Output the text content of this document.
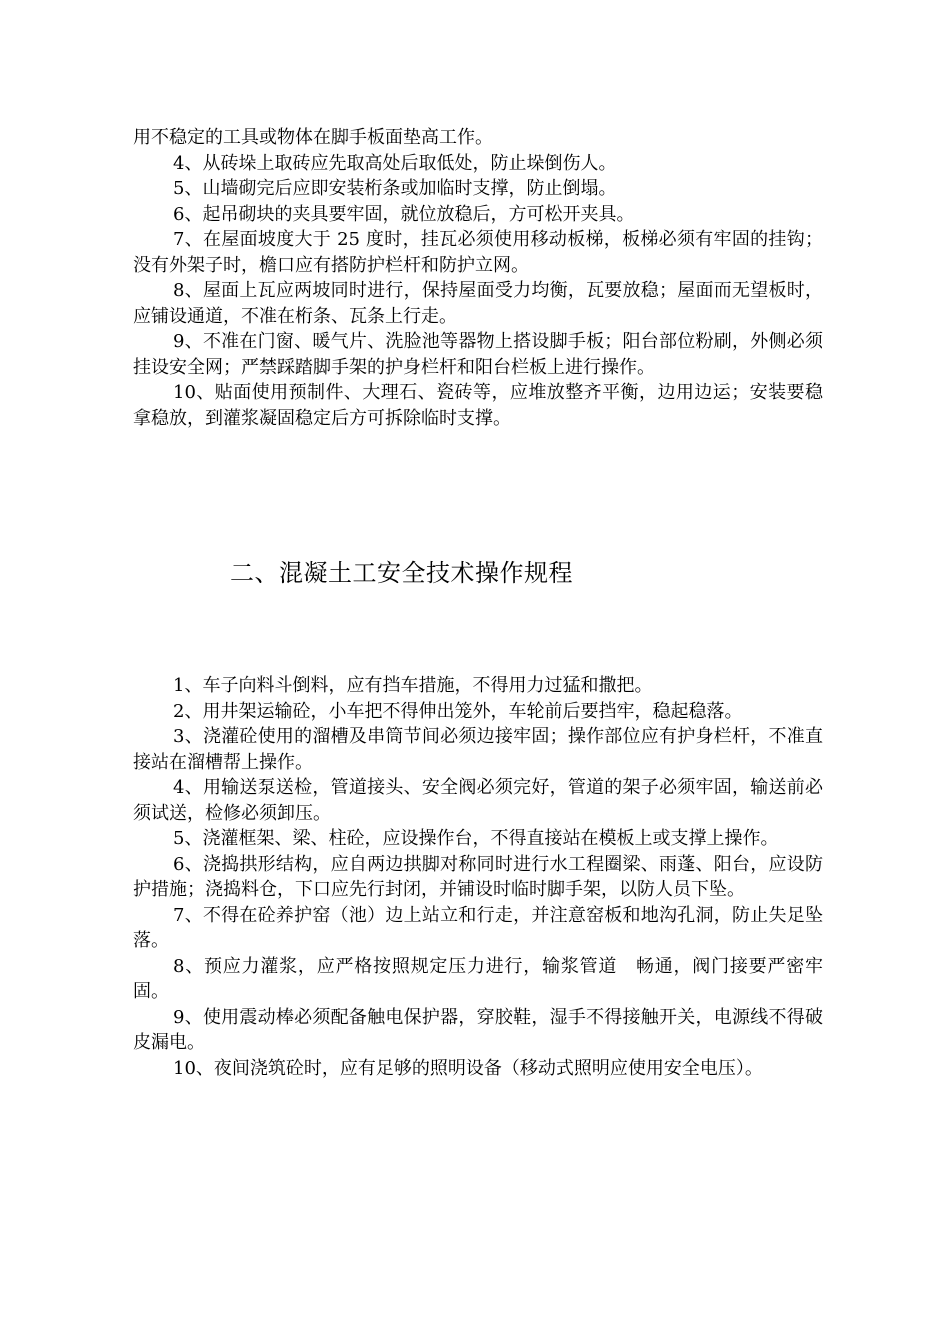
用不稳定的工具或物体在脚手板面垫高工作。

4、从砖垛上取砖应先取高处后取低处，防止垛倒伤人。

5、山墙砌完后应即安装桁条或加临时支撑，防止倒塌。

6、起吊砌块的夹具要牢固，就位放稳后，方可松开夹具。

7、在屋面坡度大于 25 度时，挂瓦必须使用移动板梯，板梯必须有牢固的挂钩；没有外架子时，檐口应有搭防护栏杆和防护立网。

8、屋面上瓦应两坡同时进行，保持屋面受力均衡，瓦要放稳；屋面而无望板时，应铺设通道，不准在桁条、瓦条上行走。

9、不准在门窗、暖气片、洗脸池等器物上搭设脚手板；阳台部位粉刷，外侧必须挂设安全网；严禁踩踏脚手架的护身栏杆和阳台栏板上进行操作。

10、贴面使用预制件、大理石、瓷砖等，应堆放整齐平衡，边用边运；安装要稳拿稳放，到灌浆凝固稳定后方可拆除临时支撑。

二、混凝土工安全技术操作规程

1、车子向料斗倒料，应有挡车措施，不得用力过猛和撒把。

2、用井架运输砼，小车把不得伸出笼外，车轮前后要挡牢，稳起稳落。

3、浇灌砼使用的溜槽及串筒节间必须边接牢固；操作部位应有护身栏杆，不准直接站在溜槽帮上操作。

4、用输送泵送检，管道接头、安全阀必须完好，管道的架子必须牢固，输送前必须试送，检修必须卸压。

5、浇灌框架、梁、柱砼，应设操作台，不得直接站在模板上或支撑上操作。

6、浇捣拱形结构，应自两边拱脚对称同时进行水工程圈梁、雨蓬、阳台，应设防护措施；浇捣料仓，下口应先行封闭，并铺设时临时脚手架，以防人员下坠。

7、不得在砼养护窑（池）边上站立和行走，并注意窑板和地沟孔洞，防止失足坠落。

8、预应力灌浆，应严格按照规定压力进行，输浆管道　畅通，阀门接要严密牢固。

9、使用震动棒必须配备触电保护器，穿胶鞋，湿手不得接触开关，电源线不得破皮漏电。

10、夜间浇筑砼时，应有足够的照明设备（移动式照明应使用安全电压）。
